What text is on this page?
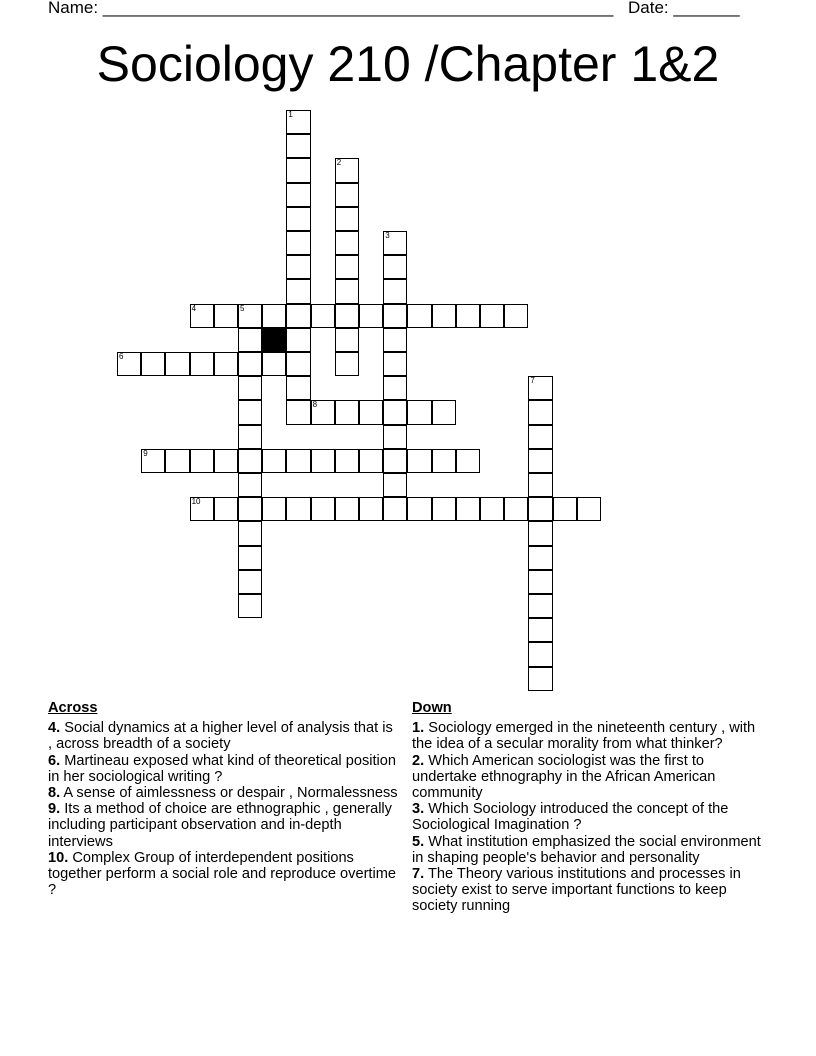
Name: ______________________________________________________ Date: _______
Sociology 210 /Chapter 1&2
1
2
3
4	5
6
7
8
9
10
Across
4. Social dynamics at a higher level of analysis that is , across breadth of a society
6. Martineau exposed what kind of theoretical position in her sociological writing ?
8. A sense of aimlessness or despair , Normalessness
9. Its a method of choice are ethnographic , generally including participant observation and in-depth interviews
10. Complex Group of interdependent positions together perform a social role and reproduce overtime ?
Down
1. Sociology emerged in the nineteenth century , with the idea of a secular morality from what thinker?
2. Which American sociologist was the first to undertake ethnography in the African American community
3. Which Sociology introduced the concept of the Sociological Imagination ?
5. What institution emphasized the social environment in shaping people's behavior and personality
7. The Theory various institutions and processes in society exist to serve important functions to keep society running
